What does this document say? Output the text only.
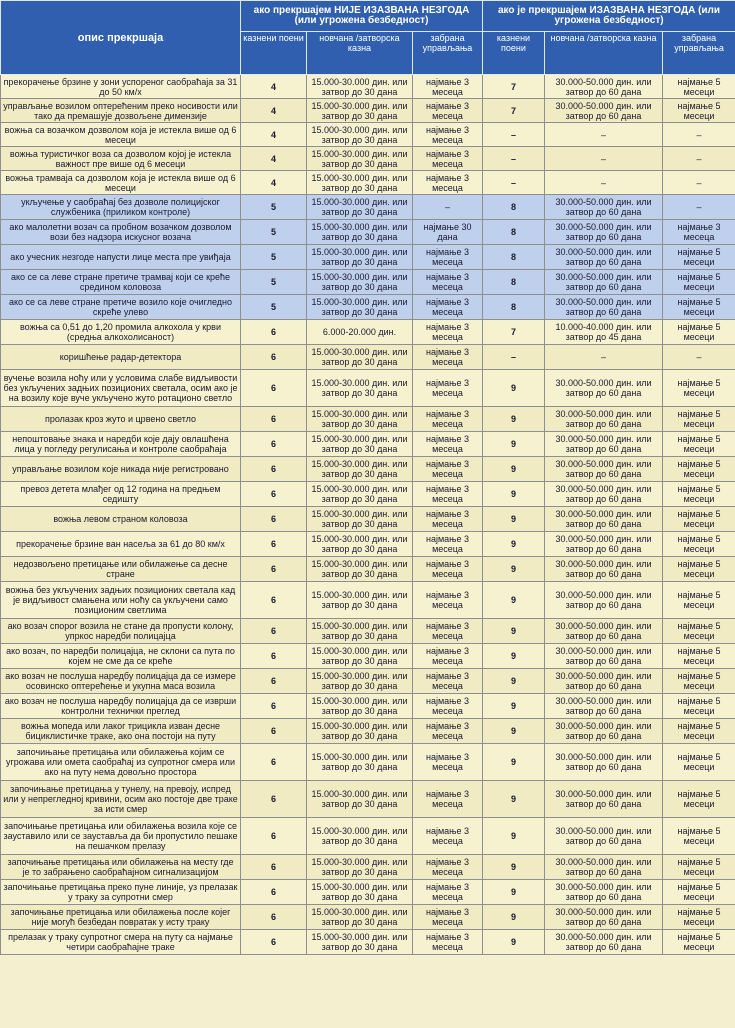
опис прекршаја	ако прекршајем НИЈЕ ИЗАЗВАНА НЕЗГОДА (или угрожена безбедност)			ако је прекршајем ИЗАЗВАНА НЕЗГОДА (или угрожена безбедност)		
	казнени поени	новчана /затворска казна	забрана управљања	казнени поени	новчана /затворска казна	забрана управљања
прекорачење брзине у зони успореног саобраћаја за 31 до 50 км/х	4	15.000-30.000 дин. или затвор до 30 дана	најмање 3 месеца	7	30.000-50.000 дин. или затвор до 60 дана	најмање 5 месеци
управљање возилом оптерећеним преко носивости или тако да премашује дозвољене димензије	4	15.000-30.000 дин. или затвор до 30 дана	најмање 3 месеца	7	30.000-50.000 дин. или затвор до 60 дана	најмање 5 месеци
вожња са возачком дозволом која је истекла више од 6 месеци	4	15.000-30.000 дин. или затвор до 30 дана	најмање 3 месеца	–	–	–
вожња туристичког воза са дозволом којој је истекла важност пре више од 6 месеци	4	15.000-30.000 дин. или затвор до 30 дана	најмање 3 месеца	–	–	–
вожња трамваја са дозволом која је истекла више од 6 месеци	4	15.000-30.000 дин. или затвор до 30 дана	најмање 3 месеца	–	–	–
укључење у саобраћај без дозволе полицијског службеника (приликом контроле)	5	15.000-30.000 дин. или затвор до 30 дана	–	8	30.000-50.000 дин. или затвор до 60 дана	–
ако малолетни возач са пробном возачком дозволом вози без надзора искусног возача	5	15.000-30.000 дин. или затвор до 30 дана	најмање 30 дана	8	30.000-50.000 дин. или затвор до 60 дана	најмање 3 месеца
ако учесник незгоде напусти лице места пре увиђаја	5	15.000-30.000 дин. или затвор до 30 дана	најмање 3 месеца	8	30.000-50.000 дин. или затвор до 60 дана	најмање 5 месеци
ако се са леве стране претиче трамвај који се креће средином коловоза	5	15.000-30.000 дин. или затвор до 30 дана	најмање 3 месеца	8	30.000-50.000 дин. или затвор до 60 дана	најмање 5 месеци
ако се са леве стране претиче возило које очигледно скреће улево	5	15.000-30.000 дин. или затвор до 30 дана	најмање 3 месеца	8	30.000-50.000 дин. или затвор до 60 дана	најмање 5 месеци
вожња са 0,51 до 1,20 промила алкохола у крви (средња алкохолисаност)	6	6.000-20.000 дин.	најмање 3 месеца	7	10.000-40.000 дин. или затвор до 45 дана	најмање 5 месеци
коришћење радар-детектора	6	15.000-30.000 дин. или затвор до 30 дана	најмање 3 месеца	–	–	–
вучење возила ноћу или у условима слабе видљивости без укључених задњих позиционих светала, осим ако је на возилу које вуче укључено жуто ротационо светло	6	15.000-30.000 дин. или затвор до 30 дана	најмање 3 месеца	9	30.000-50.000 дин. или затвор до 60 дана	најмање 5 месеци
пролазак кроз жуто и црвено светло	6	15.000-30.000 дин. или затвор до 30 дана	најмање 3 месеца	9	30.000-50.000 дин. или затвор до 60 дана	најмање 5 месеци
непоштовање знака и наредби које дају овлашћена лица у погледу регулисања и контроле саобраћаја	6	15.000-30.000 дин. или затвор до 30 дана	најмање 3 месеца	9	30.000-50.000 дин. или затвор до 60 дана	најмање 5 месеци
управљање возилом које никада није регистровано	6	15.000-30.000 дин. или затвор до 30 дана	најмање 3 месеца	9	30.000-50.000 дин. или затвор до 60 дана	најмање 5 месеци
превоз детета млађег од 12 година на предњем седишту	6	15.000-30.000 дин. или затвор до 30 дана	најмање 3 месеца	9	30.000-50.000 дин. или затвор до 60 дана	најмање 5 месеци
вожња левом страном коловоза	6	15.000-30.000 дин. или затвор до 30 дана	најмање 3 месеца	9	30.000-50.000 дин. или затвор до 60 дана	најмање 5 месеци
прекорачење брзине ван насеља за 61 до 80 км/х	6	15.000-30.000 дин. или затвор до 30 дана	најмање 3 месеца	9	30.000-50.000 дин. или затвор до 60 дана	најмање 5 месеци
недозвољено претицање или обилажење са десне стране	6	15.000-30.000 дин. или затвор до 30 дана	најмање 3 месеца	9	30.000-50.000 дин. или затвор до 60 дана	најмање 5 месеци
вожња без укључених задњих позиционих светала кад је видљивост смањена или ноћу са укључени само позиционим светлима	6	15.000-30.000 дин. или затвор до 30 дана	најмање 3 месеца	9	30.000-50.000 дин. или затвор до 60 дана	најмање 5 месеци
ако возач спорог возила не стане да пропусти колону, упркос наредби полицајца	6	15.000-30.000 дин. или затвор до 30 дана	најмање 3 месеца	9	30.000-50.000 дин. или затвор до 60 дана	најмање 5 месеци
ако возач, по наредби полицајца, не склони са пута по којем не сме да се креће	6	15.000-30.000 дин. или затвор до 30 дана	најмање 3 месеца	9	30.000-50.000 дин. или затвор до 60 дана	најмање 5 месеци
ако возач не послуша наредбу полицајца да се измере осовинско оптерећење и укупна маса возила	6	15.000-30.000 дин. или затвор до 30 дана	најмање 3 месеца	9	30.000-50.000 дин. или затвор до 60 дана	најмање 5 месеци
ако возач не послуша наредбу полицајца да се изврши контролни технички преглед	6	15.000-30.000 дин. или затвор до 30 дана	најмање 3 месеца	9	30.000-50.000 дин. или затвор до 60 дана	најмање 5 месеци
вожња мопеда или лаког трицикла изван десне бициклистичке траке, ако она постоји на путу	6	15.000-30.000 дин. или затвор до 30 дана	најмање 3 месеца	9	30.000-50.000 дин. или затвор до 60 дана	најмање 5 месеци
започињање претицања или обилажења којим се угрожава или омета саобраћај из супротног смера или ако на путу нема довољно простора	6	15.000-30.000 дин. или затвор до 30 дана	најмање 3 месеца	9	30.000-50.000 дин. или затвор до 60 дана	најмање 5 месеци
започињање претицања у тунелу, на превоју, испред или у непрегледној кривини, осим ако постоје две траке за исти смер	6	15.000-30.000 дин. или затвор до 30 дана	најмање 3 месеца	9	30.000-50.000 дин. или затвор до 60 дана	најмање 5 месеци
започињање претицања или обилажења возила које се зауставило или се зауставља да би пропустило пешаке на пешачком прелазу	6	15.000-30.000 дин. или затвор до 30 дана	најмање 3 месеца	9	30.000-50.000 дин. или затвор до 60 дана	најмање 5 месеци
започињање претицања или обилажења на месту где је то забрањено саобраћајном сигнализацијом	6	15.000-30.000 дин. или затвор до 30 дана	најмање 3 месеца	9	30.000-50.000 дин. или затвор до 60 дана	најмање 5 месеци
започињање претицања преко пуне линије, уз прелазак у траку за супротни смер	6	15.000-30.000 дин. или затвор до 30 дана	најмање 3 месеца	9	30.000-50.000 дин. или затвор до 60 дана	најмање 5 месеци
започињање претицања или обилажења после којег није могућ безбедан повратак у исту траку	6	15.000-30.000 дин. или затвор до 30 дана	најмање 3 месеца	9	30.000-50.000 дин. или затвор до 60 дана	најмање 5 месеци
прелазак у траку супротног смера на путу са најмање четири саобраћајне траке	6	15.000-30.000 дин. или затвор до 30 дана	најмање 3 месеца	9	30.000-50.000 дин. или затвор до 60 дана	најмање 5 месеци
